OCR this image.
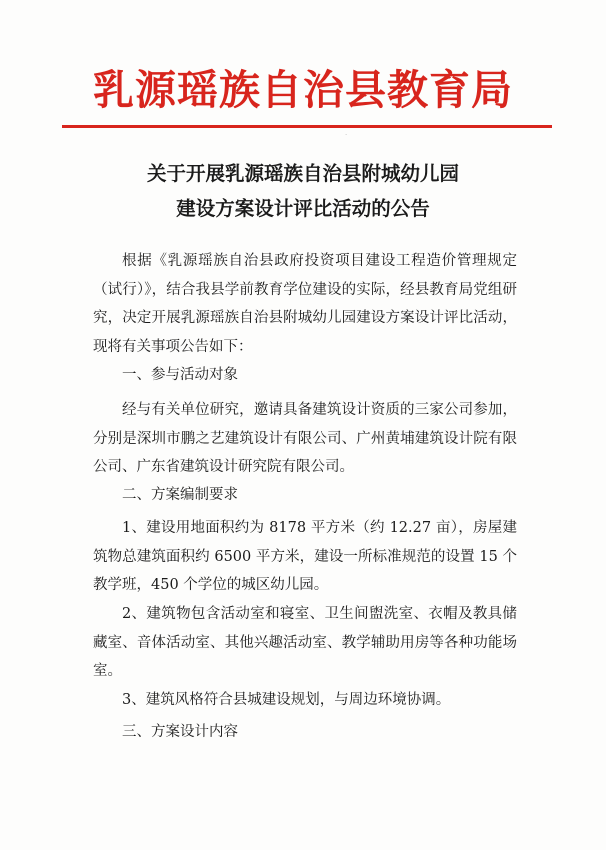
乳源瑶族自治县教育局
·
关于开展乳源瑶族自治县附城幼儿园
建设方案设计评比活动的公告

根据《乳源瑶族自治县政府投资项目建设工程造价管理规定（试行）》，结合我县学前教育学位建设的实际，经县教育局党组研究，决定开展乳源瑶族自治县附城幼儿园建设方案设计评比活动，现将有关事项公告如下：

一、参与活动对象

经与有关单位研究，邀请具备建筑设计资质的三家公司参加，分别是深圳市鹏之艺建筑设计有限公司、广州黄埔建筑设计院有限公司、广东省建筑设计研究院有限公司。

二、方案编制要求

1、建设用地面积约为 8178 平方米（约 12.27 亩），房屋建筑物总建筑面积约 6500 平方米，建设一所标准规范的设置 15 个教学班，450 个学位的城区幼儿园。

2、建筑物包含活动室和寝室、卫生间盥洗室、衣帽及教具储藏室、音体活动室、其他兴趣活动室、教学辅助用房等各种功能场室。

3、建筑风格符合县城建设规划，与周边环境协调。

三、方案设计内容
